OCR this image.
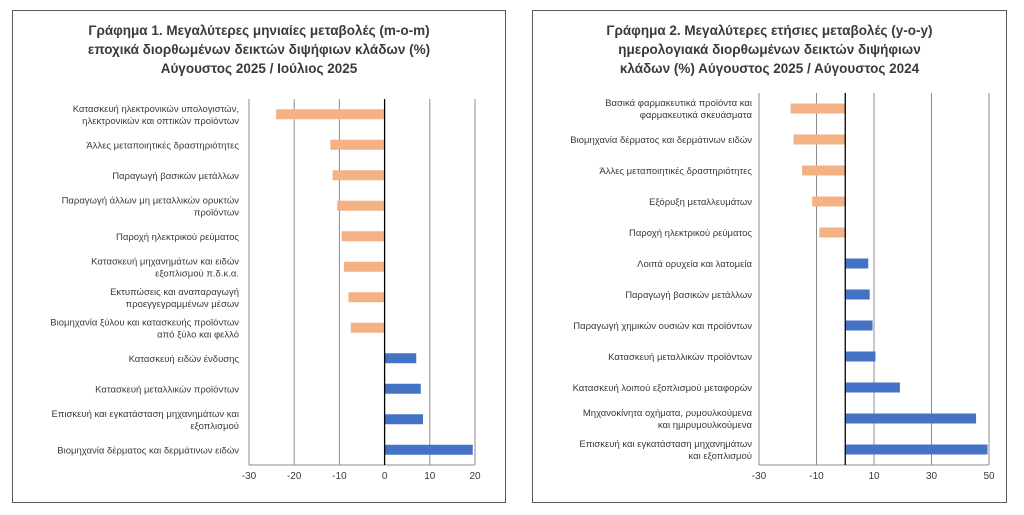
Γράφημα 1. Μεγαλύτερες μηνιαίες μεταβολές (m-o-m)
εποχικά διορθωμένων δεικτών διψήφιων κλάδων (%)
Αύγουστος 2025 / Ιούλιος 2025
Κατασκευή ηλεκτρονικών υπολογιστών, ηλεκτρονικών και οπτικών προϊόντων
Άλλες μεταποιητικές δραστηριότητες
Παραγωγή βασικών μετάλλων
Παραγωγή άλλων μη μεταλλικών ορυκτών προϊόντων
Παροχή ηλεκτρικού ρεύματος
Κατασκευή μηχανημάτων και ειδών εξοπλισμού π.δ.κ.α.
Εκτυπώσεις και αναπαραγωγή προεγγεγραμμένων μέσων
Βιομηχανία ξύλου και κατασκευής προϊόντων από ξύλο και φελλό
Κατασκευή ειδών ένδυσης
Κατασκευή μεταλλικών προϊόντων
Επισκευή και εγκατάσταση μηχανημάτων και εξοπλισμού
Βιομηχανία δέρματος και δερμάτινων ειδών
-30	-20	-10	0	10	20
Γράφημα 2. Μεγαλύτερες ετήσιες μεταβολές (y-o-y)
ημερολογιακά διορθωμένων δεικτών διψήφιων
κλάδων (%) Αύγουστος 2025 / Αύγουστος 2024
Βασικά φαρμακευτικά προϊόντα και φαρμακευτικά σκευάσματα
Βιομηχανία δέρματος και δερμάτινων ειδών
Άλλες μεταποιητικές δραστηριότητες
Εξόρυξη μεταλλευμάτων
Παροχή ηλεκτρικού ρεύματος
Λοιπά ορυχεία και λατομεία
Παραγωγή βασικών μετάλλων
Παραγωγή χημικών ουσιών και προϊόντων
Κατασκευή μεταλλικών προϊόντων
Κατασκευή λοιπού εξοπλισμού μεταφορών
Μηχανοκίνητα οχήματα, ρυμουλκούμενα και ημιρυμουλκούμενα
Επισκευή και εγκατάσταση μηχανημάτων και εξοπλισμού
-30	-10	10	30	50
